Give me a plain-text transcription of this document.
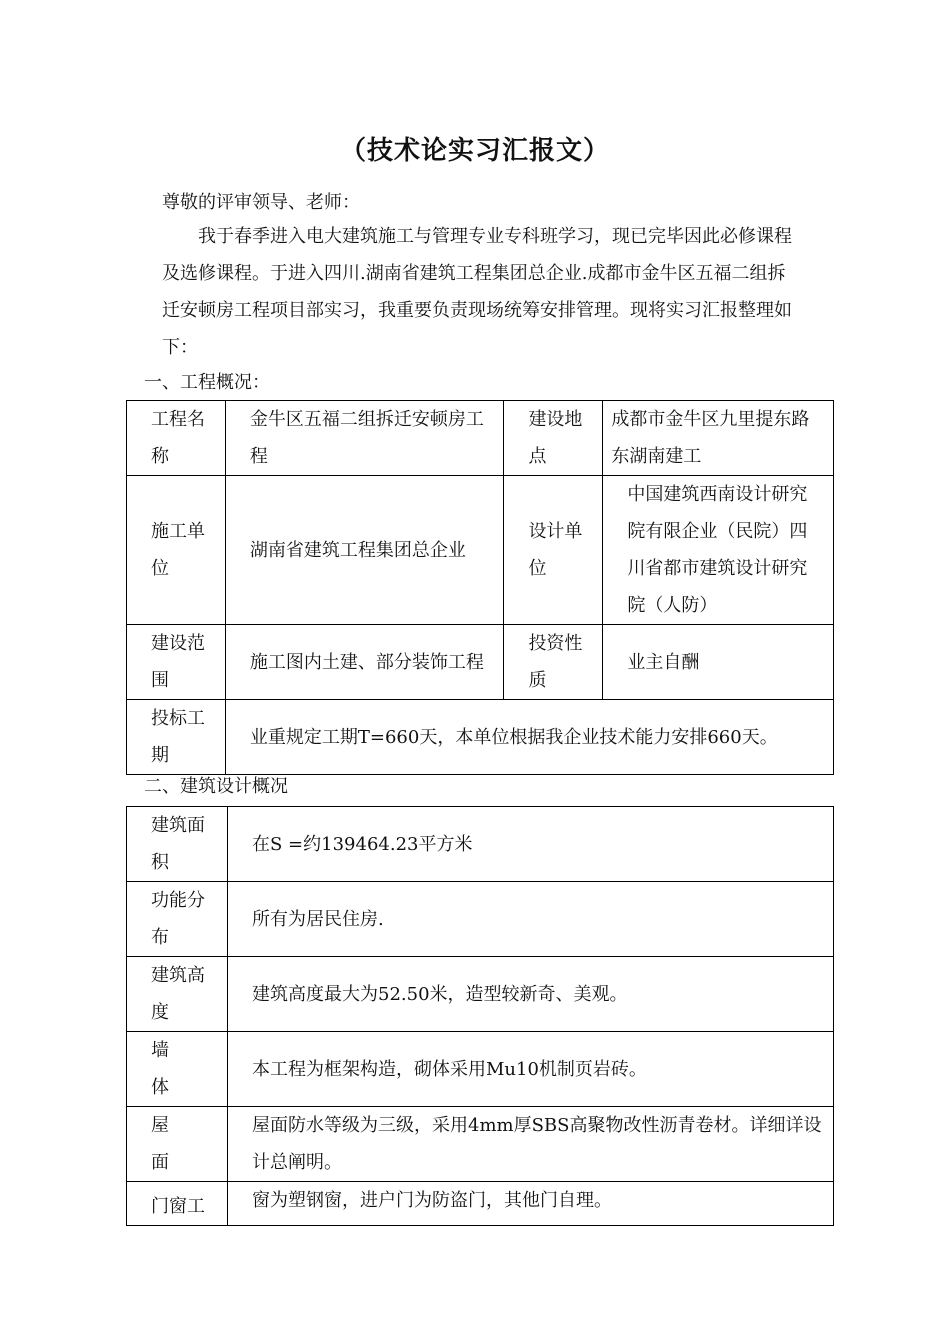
（技术论实习汇报文）
尊敬的评审领导、老师：
我于春季进入电大建筑施工与管理专业专科班学习，现已完毕因此必修课程及选修课程。于进入四川.湖南省建筑工程集团总企业.成都市金牛区五福二组拆迁安顿房工程项目部实习，我重要负责现场统筹安排管理。现将实习汇报整理如下：
一、工程概况：
工程名称	金牛区五福二组拆迁安顿房工程	建设地点	成都市金牛区九里提东路东湖南建工

施工单位	湖南省建筑工程集团总企业	设计单位	中国建筑西南设计研究院有限企业（民院）四川省都市建筑设计研究院（人防）

建设范围	施工图内土建、部分装饰工程	投资性质	业主自酬

投标工期	业重规定工期T=660天，本单位根据我企业技术能力安排660天。		
二、建筑设计概况
建筑面积	在S =约139464.23平方米

功能分布	所有为居民住房.

建筑高度	建筑高度最大为52.50米，造型较新奇、美观。

墙　体	本工程为框架构造，砌体采用Mu10机制页岩砖。

屋　面	屋面防水等级为三级，采用4mm厚SBS高聚物改性沥青卷材。详细详设计总阐明。

门窗工	窗为塑钢窗，进户门为防盗门，其他门自理。
